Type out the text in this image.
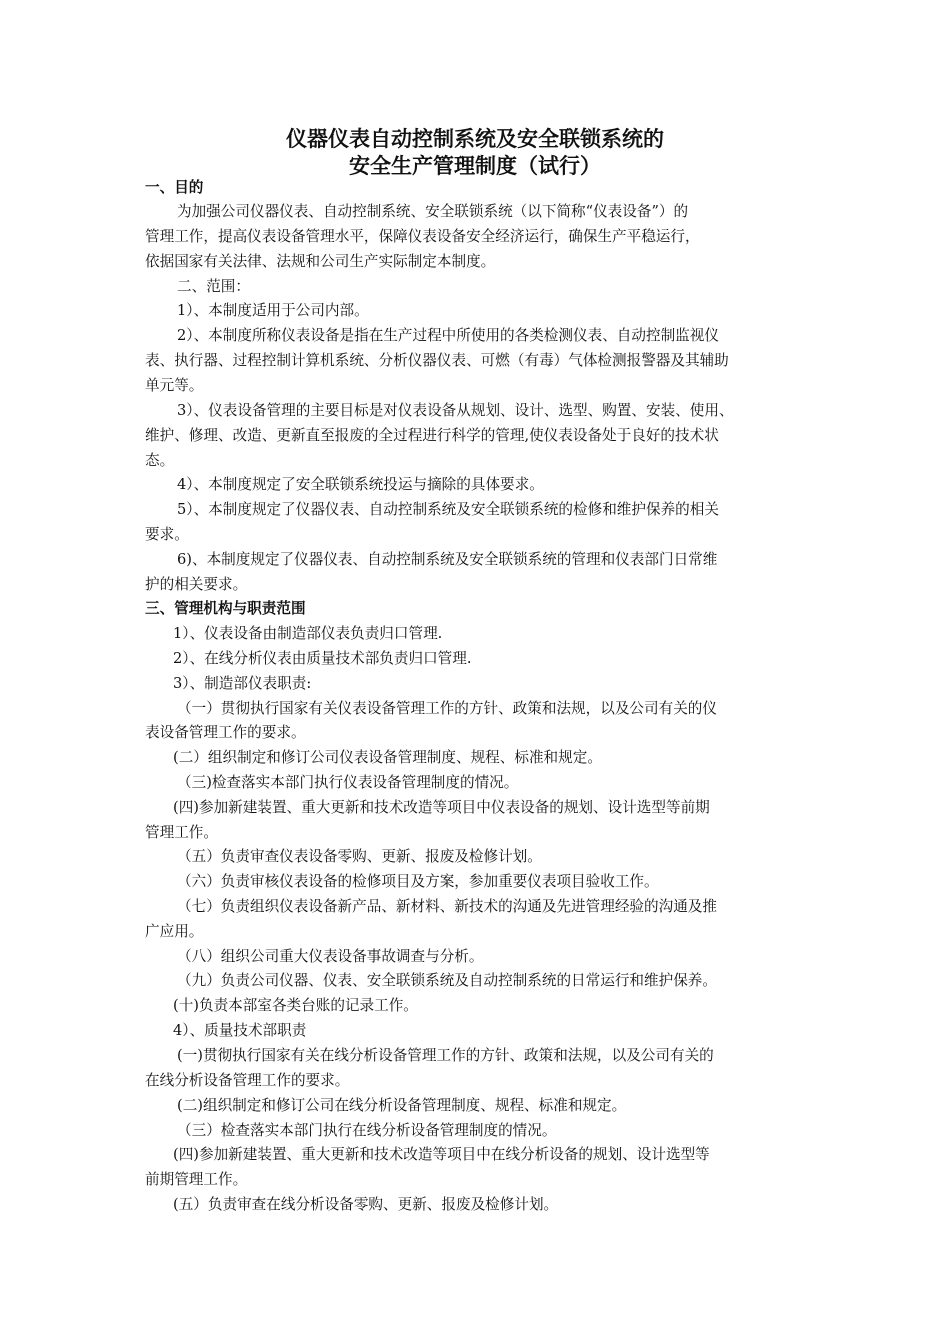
仪器仪表自动控制系统及安全联锁系统的
安全生产管理制度（试行）
一、目的
为加强公司仪器仪表、自动控制系统、安全联锁系统（以下简称“仪表设备”）的
管理工作，提高仪表设备管理水平，保障仪表设备安全经济运行，确保生产平稳运行，
依据国家有关法律、法规和公司生产实际制定本制度。
二、范围：
1）、本制度适用于公司内部。
2）、本制度所称仪表设备是指在生产过程中所使用的各类检测仪表、自动控制监视仪
表、执行器、过程控制计算机系统、分析仪器仪表、可燃（有毒）气体检测报警器及其辅助
单元等。
3）、仪表设备管理的主要目标是对仪表设备从规划、设计、选型、购置、安装、使用、
维护、修理、改造、更新直至报废的全过程进行科学的管理,使仪表设备处于良好的技术状
态。
4）、本制度规定了安全联锁系统投运与摘除的具体要求。
5）、本制度规定了仪器仪表、自动控制系统及安全联锁系统的检修和维护保养的相关
要求。
6)、本制度规定了仪器仪表、自动控制系统及安全联锁系统的管理和仪表部门日常维
护的相关要求。
三、管理机构与职责范围
1）、仪表设备由制造部仪表负责归口管理.
2）、在线分析仪表由质量技术部负责归口管理.
3）、制造部仪表职责:
（一）贯彻执行国家有关仪表设备管理工作的方针、政策和法规，以及公司有关的仪
表设备管理工作的要求。
(二）组织制定和修订公司仪表设备管理制度、规程、标准和规定。
（三)检查落实本部门执行仪表设备管理制度的情况。
(四)参加新建装置、重大更新和技术改造等项目中仪表设备的规划、设计选型等前期
管理工作。
（五）负责审查仪表设备零购、更新、报废及检修计划。
（六）负责审核仪表设备的检修项目及方案，参加重要仪表项目验收工作。
（七）负责组织仪表设备新产品、新材料、新技术的沟通及先进管理经验的沟通及推
广应用。
（八）组织公司重大仪表设备事故调查与分析。
（九）负责公司仪器、仪表、安全联锁系统及自动控制系统的日常运行和维护保养。
(十)负责本部室各类台账的记录工作。
4）、质量技术部职责
(一)贯彻执行国家有关在线分析设备管理工作的方针、政策和法规，以及公司有关的
在线分析设备管理工作的要求。
(二)组织制定和修订公司在线分析设备管理制度、规程、标准和规定。
（三）检查落实本部门执行在线分析设备管理制度的情况。
(四)参加新建装置、重大更新和技术改造等项目中在线分析设备的规划、设计选型等
前期管理工作。
(五）负责审查在线分析设备零购、更新、报废及检修计划。
